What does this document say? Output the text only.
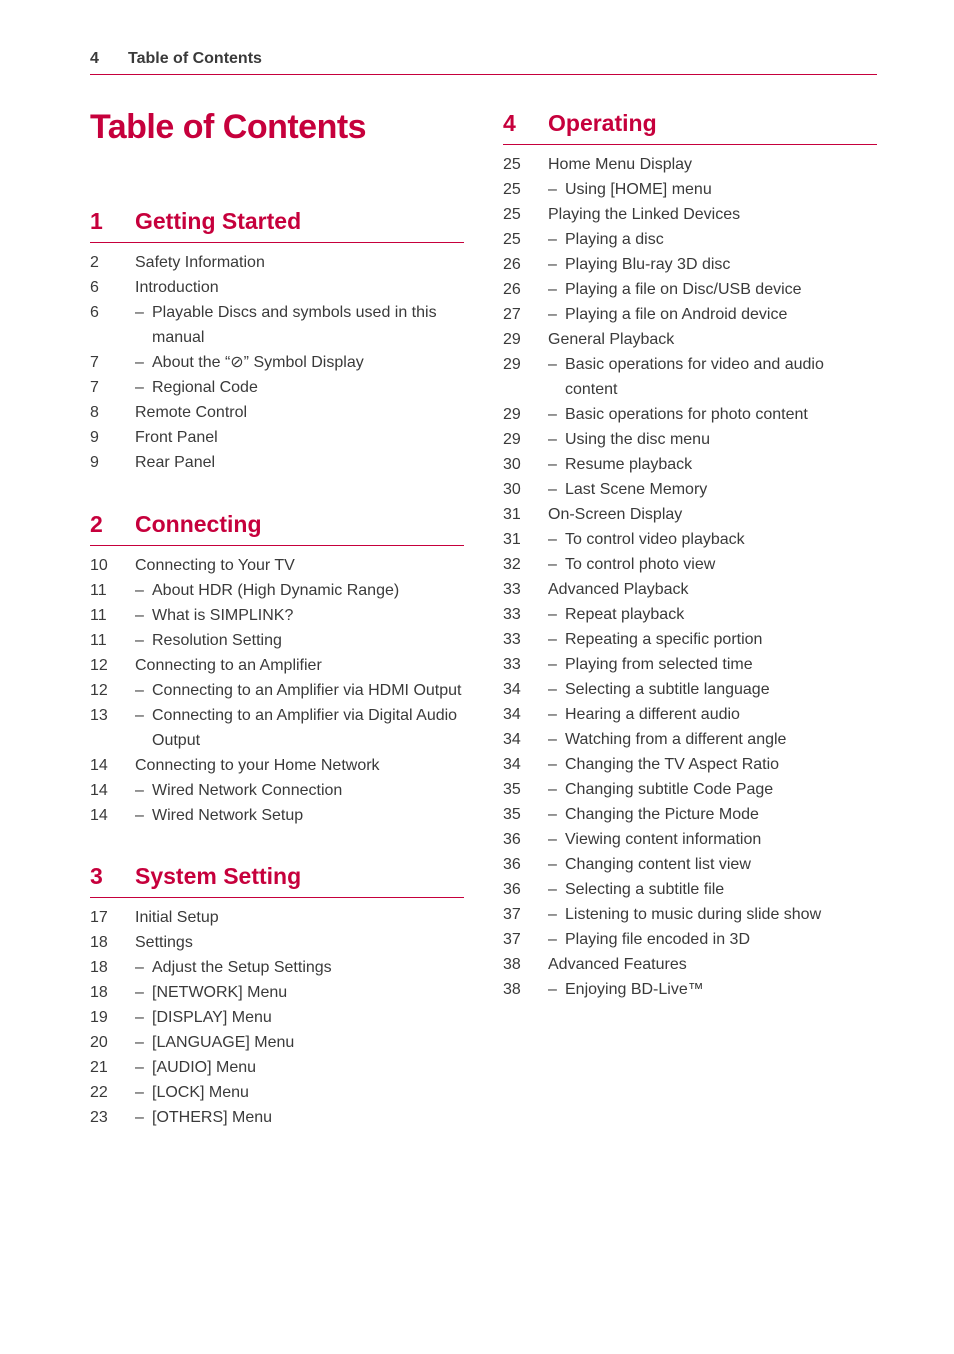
4 Table of Contents
Table of Contents
1 Getting Started
2 Safety Information
6 Introduction
6	– Playable Discs and symbols used in this manual
7	– About the “⊘” Symbol Display
7	– Regional Code
8 Remote Control
9 Front Panel
9 Rear Panel
2 Connecting
10 Connecting to Your TV
11	– About HDR (High Dynamic Range)
11	– What is SIMPLINK?
11	– Resolution Setting
12 Connecting to an Amplifier
12	– Connecting to an Amplifier via HDMI Output
13	– Connecting to an Amplifier via Digital Audio Output
14 Connecting to your Home Network
14	– Wired Network Connection
14	– Wired Network Setup
3 System Setting
17 Initial Setup
18 Settings
18	– Adjust the Setup Settings
18	– [NETWORK] Menu
19	– [DISPLAY] Menu
20	– [LANGUAGE] Menu
21	– [AUDIO] Menu
22	– [LOCK] Menu
23	– [OTHERS] Menu
4 Operating
25 Home Menu Display
25	– Using [HOME] menu
25 Playing the Linked Devices
25	– Playing a disc
26	– Playing Blu-ray 3D disc
26	– Playing a file on Disc/USB device
27	– Playing a file on Android device
29 General Playback
29	– Basic operations for video and audio content
29	– Basic operations for photo content
29	– Using the disc menu
30	– Resume playback
30	– Last Scene Memory
31 On-Screen Display
31	– To control video playback
32	– To control photo view
33 Advanced Playback
33	– Repeat playback
33	– Repeating a specific portion
33	– Playing from selected time
34	– Selecting a subtitle language
34	– Hearing a different audio
34	– Watching from a different angle
34	– Changing the TV Aspect Ratio
35	– Changing subtitle Code Page
35	– Changing the Picture Mode
36	– Viewing content information
36	– Changing content list view
36	– Selecting a subtitle file
37	– Listening to music during slide show
37	– Playing file encoded in 3D
38 Advanced Features
38	– Enjoying BD-Live™
